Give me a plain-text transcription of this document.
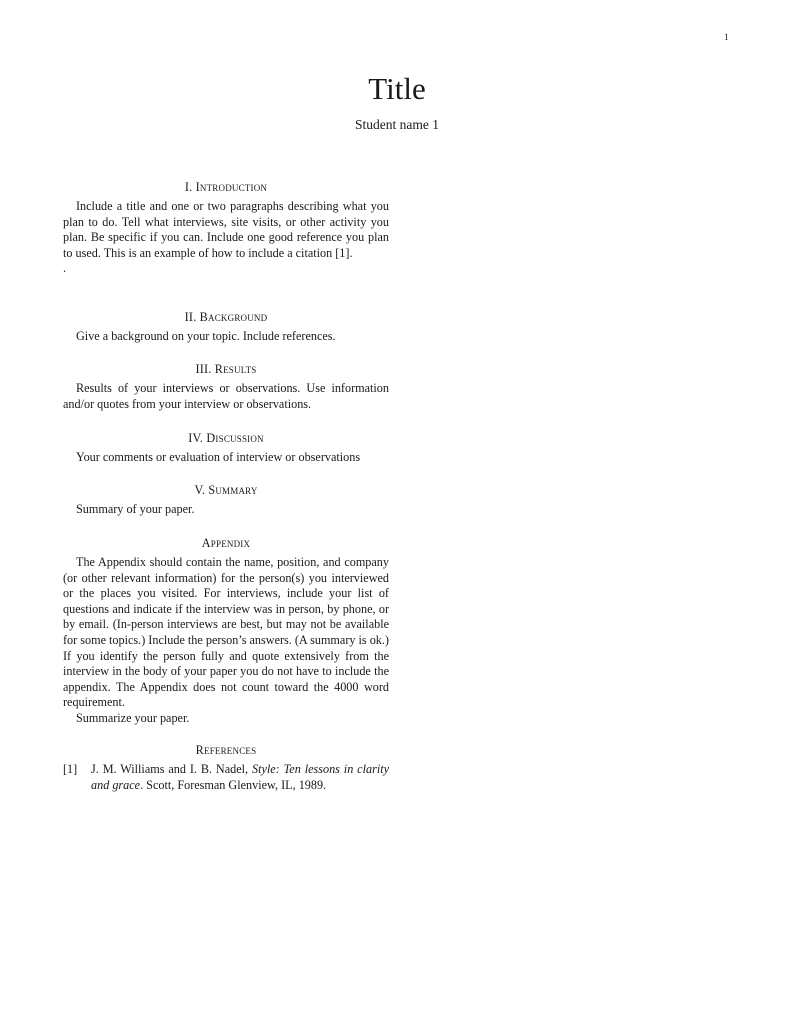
1
Title
Student name 1
I. Introduction

Include a title and one or two paragraphs describing what you plan to do. Tell what interviews, site visits, or other activity you plan. Be specific if you can. Include one good reference you plan to used. This is an example of how to include a citation [1].

.

II. Background

Give a background on your topic. Include references.

III. Results

Results of your interviews or observations. Use information and/or quotes from your interview or observations.

IV. Discussion

Your comments or evaluation of interview or observations

V. Summary

Summary of your paper.

Appendix

The Appendix should contain the name, position, and company (or other relevant information) for the person(s) you interviewed or the places you visited. For interviews, include your list of questions and indicate if the interview was in person, by phone, or by email. (In-person interviews are best, but may not be available for some topics.) Include the person’s answers. (A summary is ok.) If you identify the person fully and quote extensively from the interview in the body of your paper you do not have to include the appendix. The Appendix does not count toward the 4000 word requirement.

Summarize your paper.

References

[1] J. M. Williams and I. B. Nadel, Style: Ten lessons in clarity and grace. Scott, Foresman Glenview, IL, 1989.
